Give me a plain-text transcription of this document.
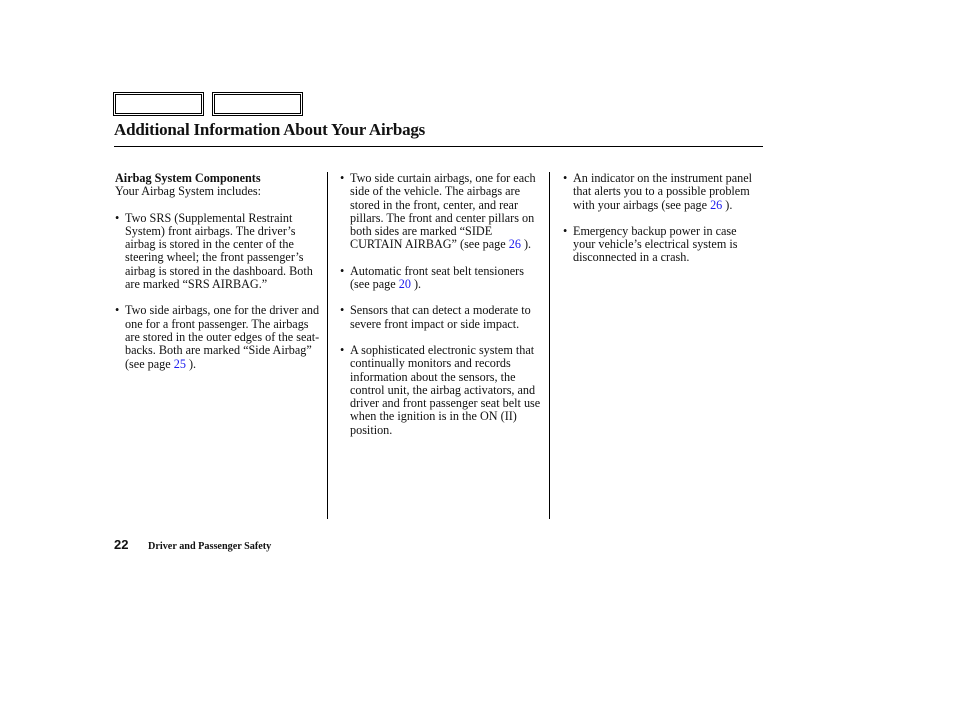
Additional Information About Your Airbags
Airbag System Components
Your Airbag System includes:
• Two SRS (Supplemental Restraint System) front airbags. The driver’s airbag is stored in the center of the steering wheel; the front passenger’s airbag is stored in the dashboard. Both are marked “SRS AIRBAG.”
• Two side airbags, one for the driver and one for a front passenger. The airbags are stored in the outer edges of the seat-backs. Both are marked “Side Airbag” (see page 25 ).
• Two side curtain airbags, one for each side of the vehicle. The airbags are stored in the front, center, and rear pillars. The front and center pillars on both sides are marked “SIDE CURTAIN AIRBAG” (see page 26 ).
• Automatic front seat belt tensioners (see page 20 ).
• Sensors that can detect a moderate to severe front impact or side impact.
• A sophisticated electronic system that continually monitors and records information about the sensors, the control unit, the airbag activators, and driver and front passenger seat belt use when the ignition is in the ON (II) position.
• An indicator on the instrument panel that alerts you to a possible problem with your airbags (see page 26 ).
• Emergency backup power in case your vehicle’s electrical system is disconnected in a crash.
22 Driver and Passenger Safety
